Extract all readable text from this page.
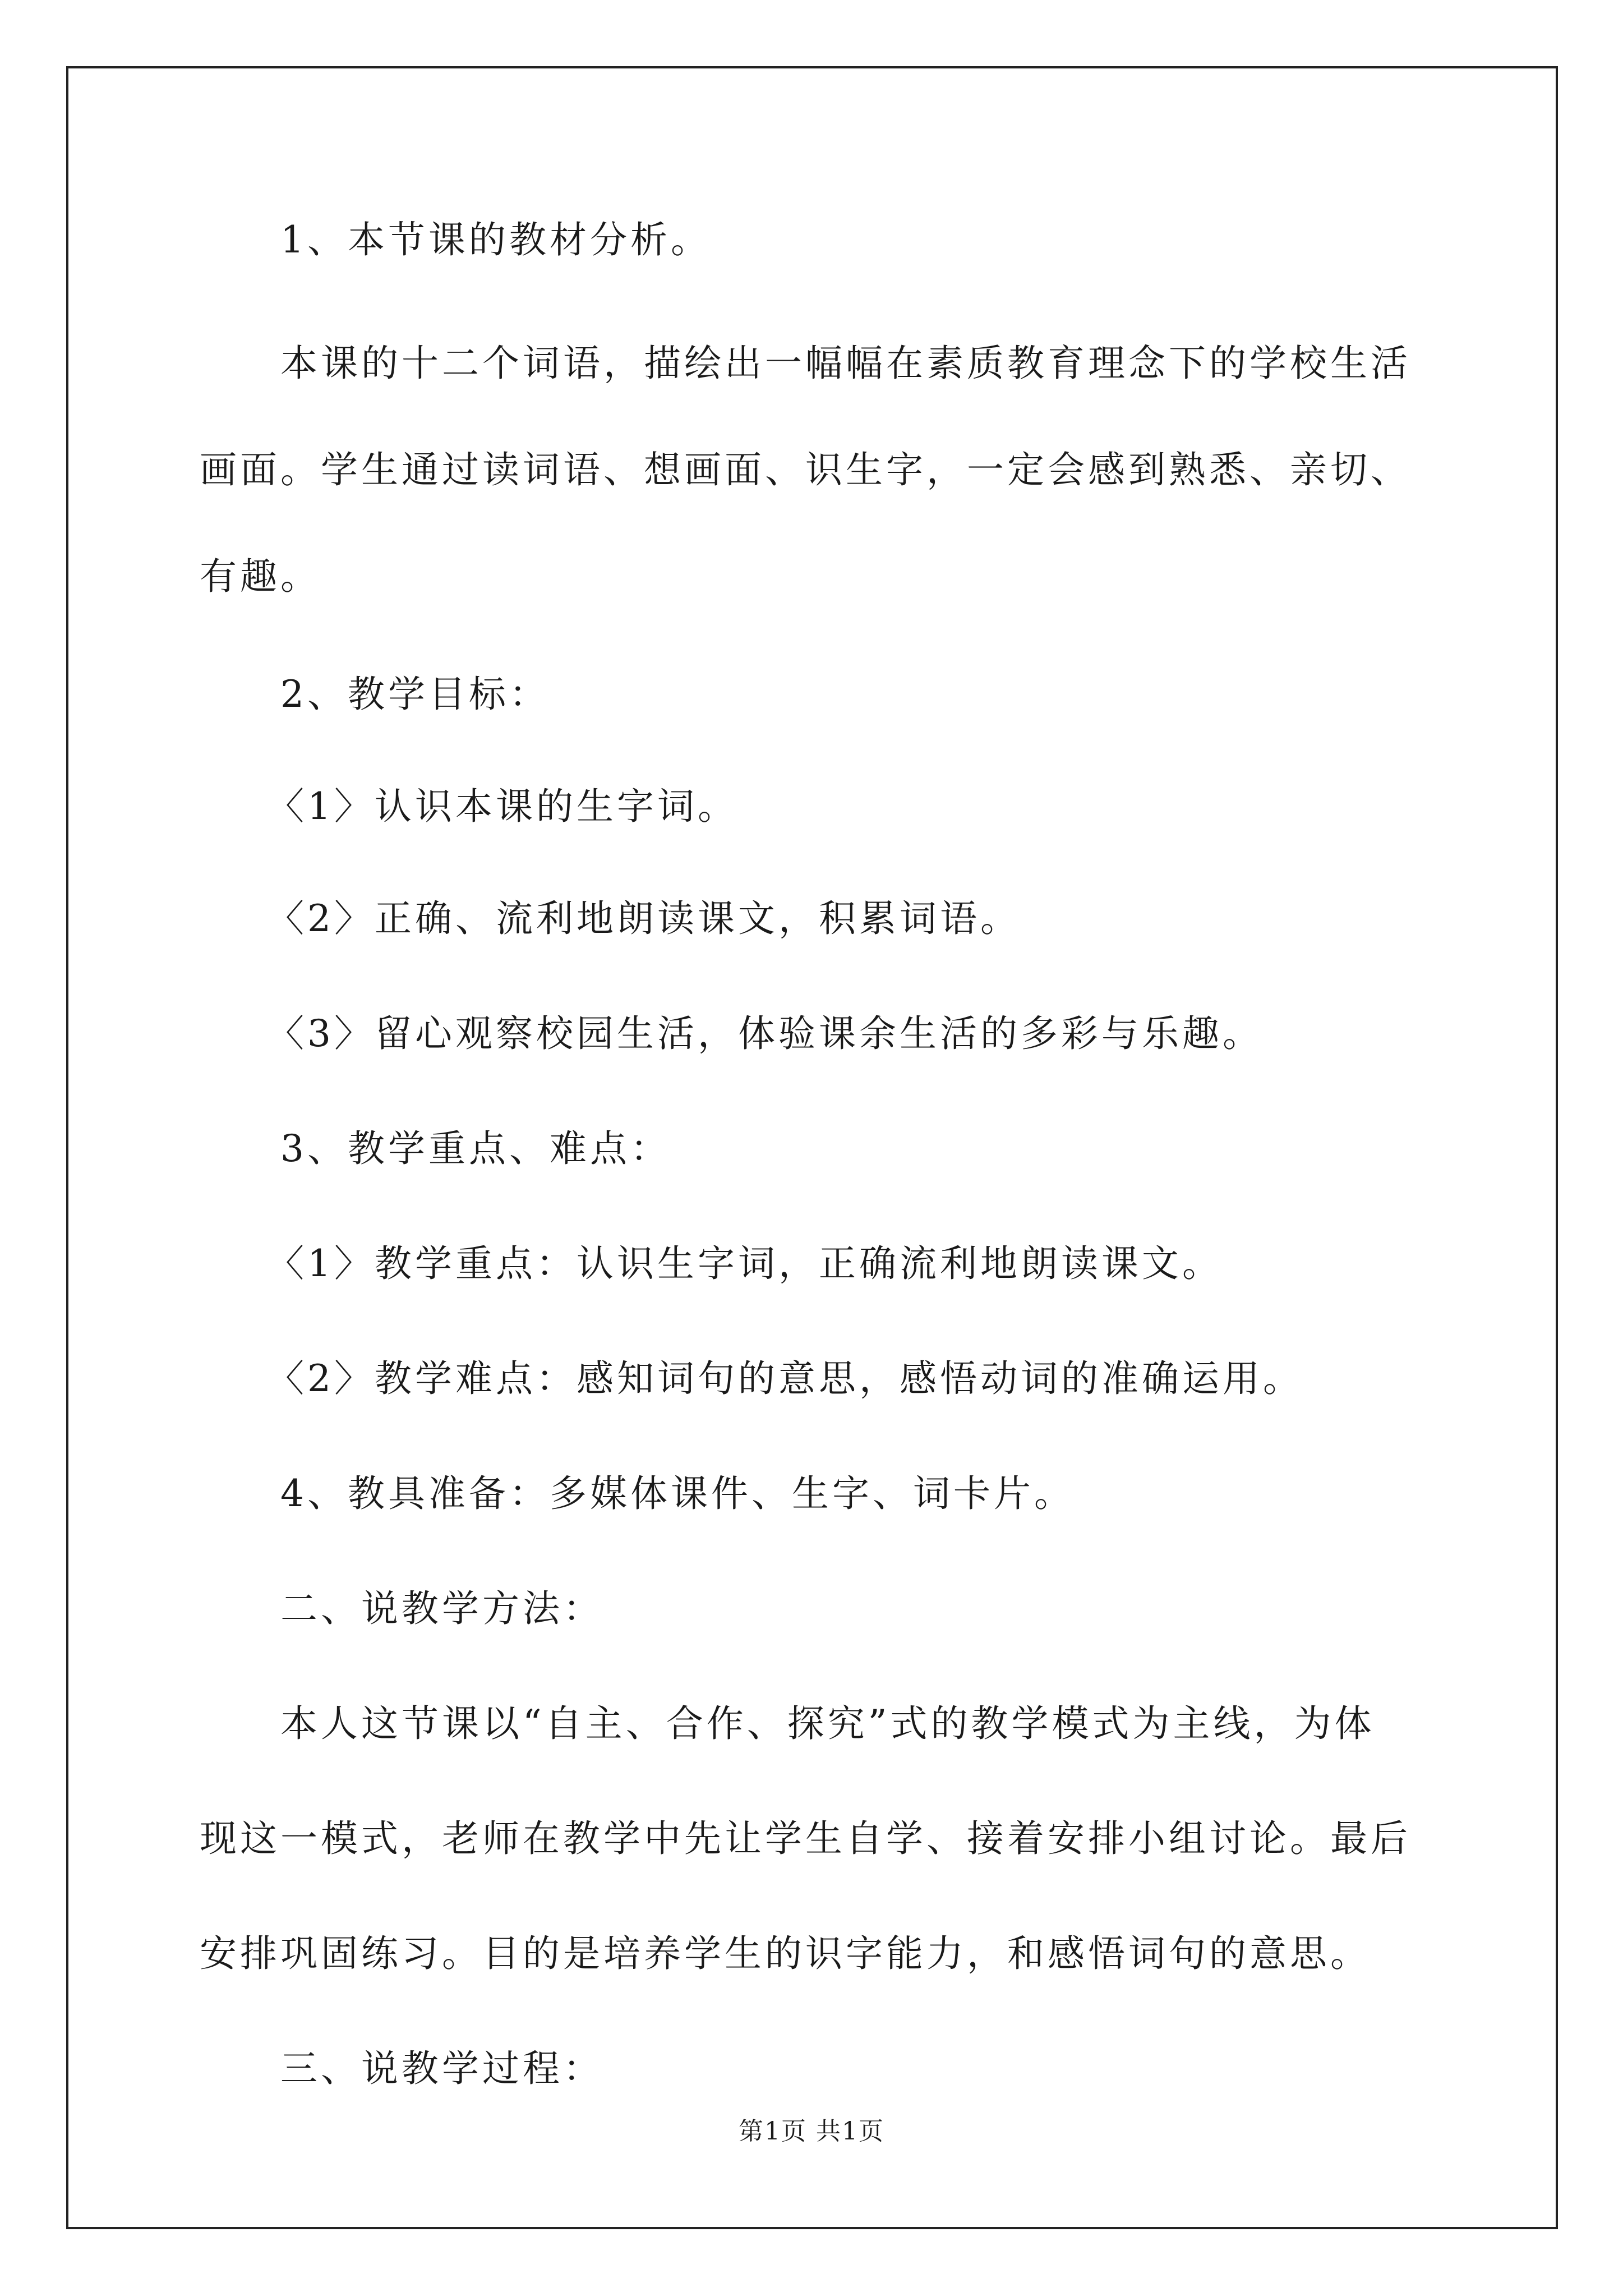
1、本节课的教材分析。
本课的十二个词语，描绘出一幅幅在素质教育理念下的学校生活
画面。学生通过读词语、想画面、识生字，一定会感到熟悉、亲切、
有趣。
2、教学目标：
〈1〉认识本课的生字词。
〈2〉正确、流利地朗读课文，积累词语。
〈3〉留心观察校园生活，体验课余生活的多彩与乐趣。
3、教学重点、难点：
〈1〉教学重点：认识生字词，正确流利地朗读课文。
〈2〉教学难点：感知词句的意思，感悟动词的准确运用。
4、教具准备：多媒体课件、生字、词卡片。
二、说教学方法：
本人这节课以“自主、合作、探究”式的教学模式为主线，为体
现这一模式，老师在教学中先让学生自学、接着安排小组讨论。最后
安排巩固练习。目的是培养学生的识字能力，和感悟词句的意思。
三、说教学过程：
第1页 共1页
